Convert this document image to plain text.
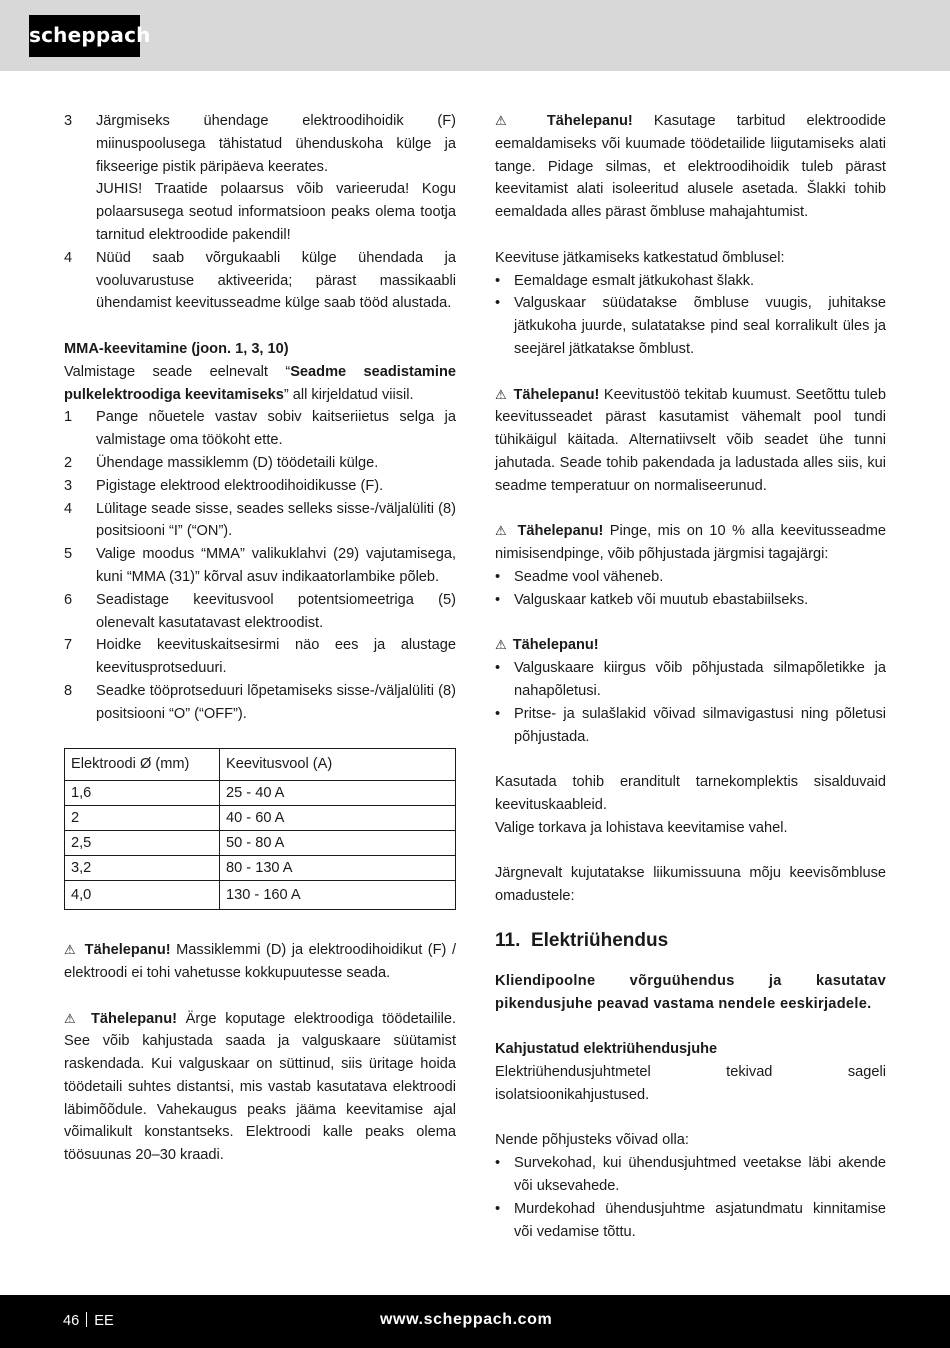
scheppach
3 Järgmiseks ühendage elektroodihoidik (F) miinuspoolusega tähistatud ühenduskoha külge ja fikseerige pistik päripäeva keerates.
JUHIS! Traatide polaarsus võib varieeruda! Kogu polaarsusega seotud informatsioon peaks olema tootja tarnitud elektroodide pakendil!
4 Nüüd saab võrgukaabli külge ühendada ja vooluvarustuse aktiveerida; pärast massikaabli ühendamist keevitusseadme külge saab tööd alustada.

MMA-keevitamine (joon. 1, 3, 10)

Valmistage seade eelnevalt “Seadme seadistamine pulkelektroodiga keevitamiseks” all kirjeldatud viisil.

1 Pange nõuetele vastav sobiv kaitseriietus selga ja valmistage oma töökoht ette.
2 Ühendage massiklemm (D) töödetaili külge.
3 Pigistage elektrood elektroodihoidikusse (F).
4 Lülitage seade sisse, seades selleks sisse-/väljalüliti (8) positsiooni “I” (“ON”).
5 Valige moodus “MMA” valikuklahvi (29) vajutamisega, kuni “MMA (31)” kõrval asuv indikaatorlambike põleb.
6 Seadistage keevitusvool potentsiomeetriga (5) olenevalt kasutatavast elektroodist.
7 Hoidke keevituskaitsesirmi näo ees ja alustage keevitusprotseduuri.
8 Seadke tööprotseduuri lõpetamiseks sisse-/väljalüliti (8) positsiooni “O” (“OFF”).
Elektroodi Ø (mm)	Keevitusvool (A)
1,6	25 - 40 A
2	40 - 60 A
2,5	50 - 80 A
3,2	80 - 130 A
4,0	130 - 160 A

⚠ Tähelepanu! Massiklemmi (D) ja elektroodihoidikut (F) / elektroodi ei tohi vahetusse kokkupuutesse seada.

⚠ Tähelepanu! Ärge koputage elektroodiga töödetailile. See võib kahjustada saada ja valguskaare süütamist raskendada. Kui valguskaar on süttinud, siis üritage hoida töödetaili suhtes distantsi, mis vastab kasutatava elektroodi läbimõõdule. Vahekaugus peaks jääma keevitamise ajal võimalikult konstantseks. Elektroodi kalle peaks olema töösuunas 20–30 kraadi.

⚠ Tähelepanu! Kasutage tarbitud elektroodide eemaldamiseks või kuumade töödetailide liigutamiseks alati tange. Pidage silmas, et elektroodihoidik tuleb pärast keevitamist alati isoleeritud alusele asetada. Šlakki tohib eemaldada alles pärast õmbluse mahajahtumist.

Keevituse jätkamiseks katkestatud õmblusel:

• Eemaldage esmalt jätkukohast šlakk.
• Valguskaar süüdatakse õmbluse vuugis, juhitakse jätkukoha juurde, sulatatakse pind seal korralikult üles ja seejärel jätkatakse õmblust.

⚠ Tähelepanu! Keevitustöö tekitab kuumust. Seetõttu tuleb keevitusseadet pärast kasutamist vähemalt pool tundi tühikäigul käitada. Alternatiivselt võib seadet ühe tunni jahutada. Seade tohib pakendada ja ladustada alles siis, kui seadme temperatuur on normaliseerunud.

⚠ Tähelepanu! Pinge, mis on 10 % alla keevitusseadme nimisisendpinge, võib põhjustada järgmisi tagajärgi:

• Seadme vool väheneb.
• Valguskaar katkeb või muutub ebastabiilseks.

⚠ Tähelepanu!

• Valguskaare kiirgus võib põhjustada silmapõletikke ja nahapõletusi.
• Pritse- ja sulašlakid võivad silmavigastusi ning põletusi põhjustada.

Kasutada tohib eranditult tarnekomplektis sisalduvaid keevituskaableid.

Valige torkava ja lohistava keevitamise vahel.

Järgnevalt kujutatakse liikumissuuna mõju keevisõmbluse omadustele:

11. Elektriühendus

Kliendipoolne võrguühendus ja kasutatav pikendusjuhe peavad vastama nendele eeskirjadele.

Kahjustatud elektriühendusjuhe

Elektriühendusjuhtmetel tekivad sageli isolatsioonikahjustused.

Nende põhjusteks võivad olla:

• Survekohad, kui ühendusjuhtmed veetakse läbi akende või uksevahede.
• Murdekohad ühendusjuhtme asjatundmatu kinnitamise või vedamise tõttu.
46 EE	www.scheppach.com
